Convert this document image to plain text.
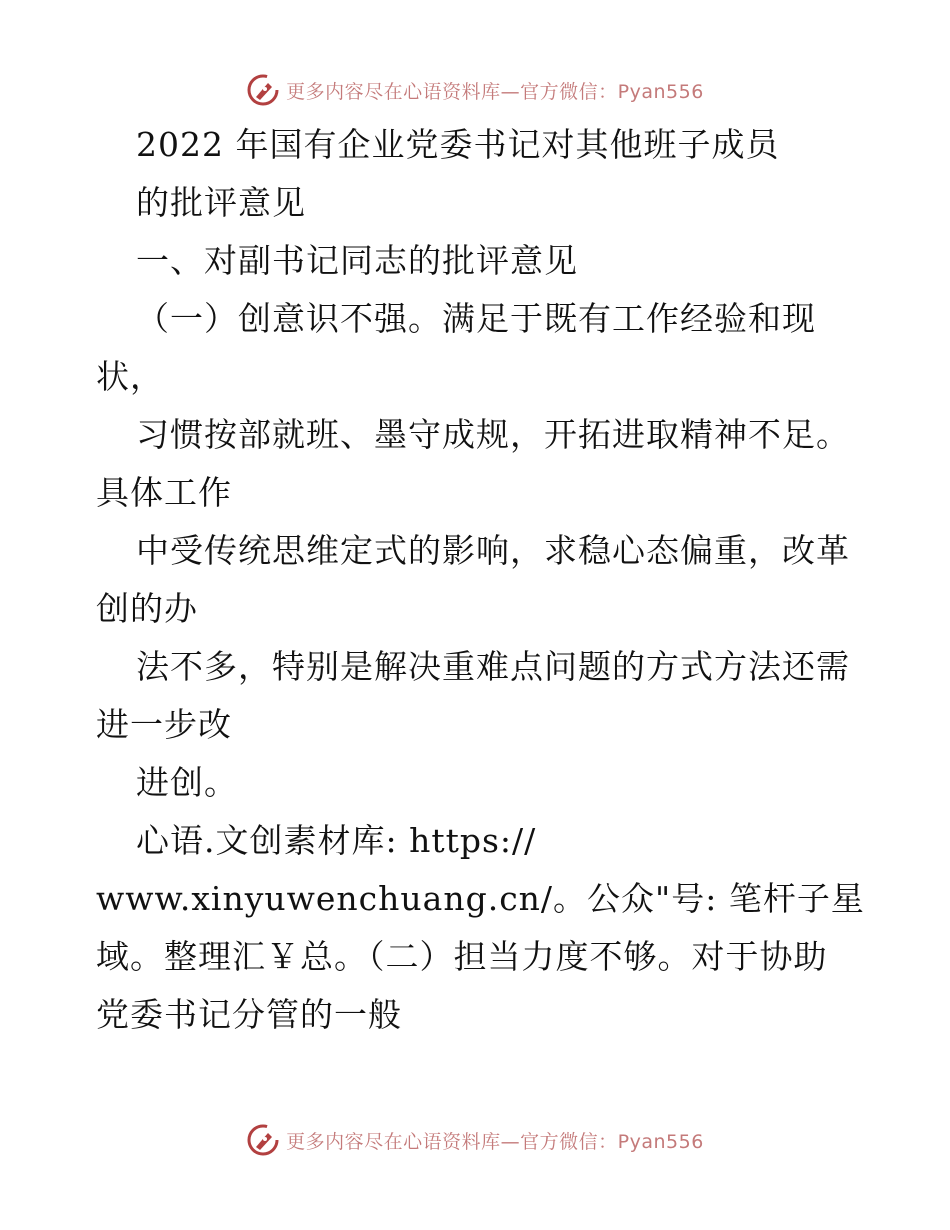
更多内容尽在心语资料库—官方微信：Pyan556
2022 年国有企业党委书记对其他班子成员
的批评意见
一、对副书记同志的批评意见
（一）创意识不强。满足于既有工作经验和现
状，
习惯按部就班、墨守成规，开拓进取精神不足。
具体工作
中受传统思维定式的影响，求稳心态偏重，改革
创的办
法不多，特别是解决重难点问题的方式方法还需
进一步改
进创。
心语.文创素材库: https://
www.xinyuwenchuang.cn/。公众"号: 笔杆子星
域。整理汇￥总。（二）担当力度不够。对于协助
党委书记分管的一般
更多内容尽在心语资料库—官方微信：Pyan556
